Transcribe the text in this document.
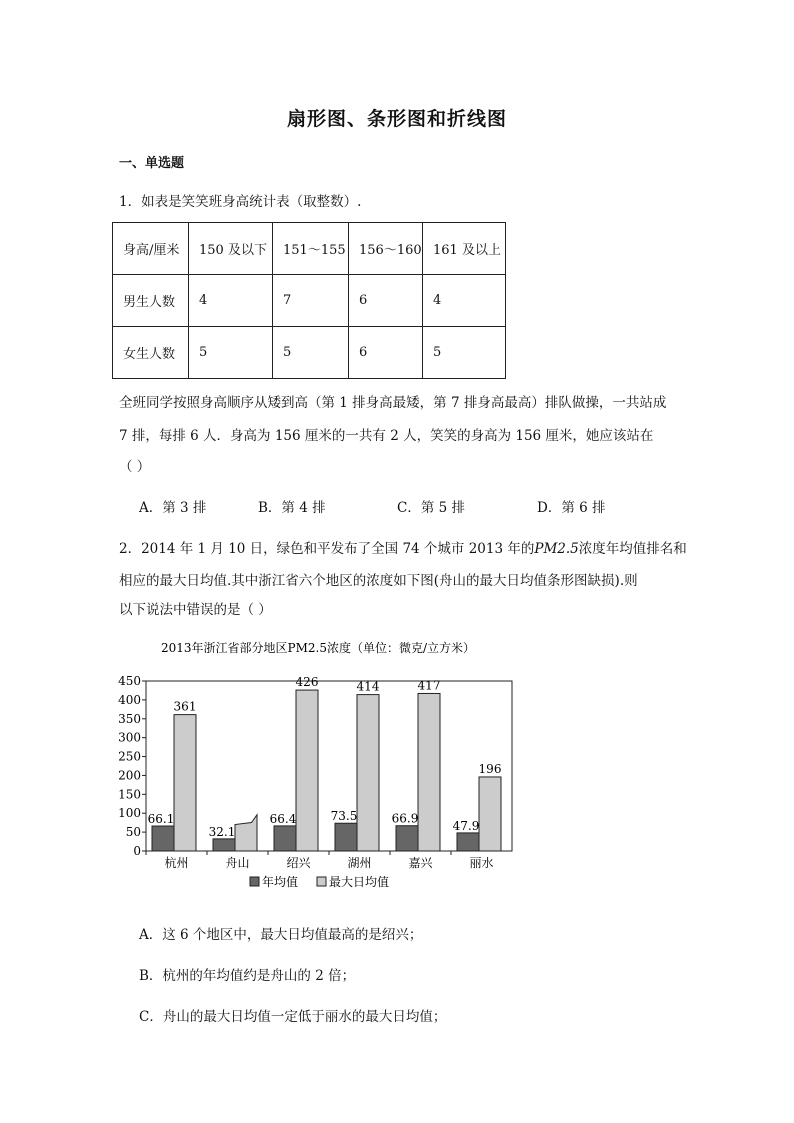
扇形图、条形图和折线图
一、单选题
1．如表是笑笑班身高统计表（取整数）.
身高/厘米	150 及以下	151～155	156～160	161 及以上
男生人数	4	7	6	4
女生人数	5	5	6	5
全班同学按照身高顺序从矮到高（第 1 排身高最矮，第 7 排身高最高）排队做操，一共站成
7 排，每排 6 人．身高为 156 厘米的一共有 2 人，笑笑的身高为 156 厘米，她应该站在
（ ）
A．第 3 排	B．第 4 排	C．第 5 排	D．第 6 排
2．2014 年 1 月 10 日，绿色和平发布了全国 74 个城市 2013 年的PM2.5浓度年均值排名和
相应的最大日均值.其中浙江省六个地区的浓度如下图(舟山的最大日均值条形图缺损).则
以下说法中错误的是（ ）
2013年浙江省部分地区PM2.5浓度（单位：微克/立方米）
0
50
100
150
200
250
300
350
400
450
66.1
361
32.1
66.4
426
73.5
414
66.9
417
47.9
196
杭州	舟山	绍兴	湖州	嘉兴	丽水
年均值	最大日均值
A．这 6 个地区中，最大日均值最高的是绍兴；
B．杭州的年均值约是舟山的 2 倍；
C．舟山的最大日均值一定低于丽水的最大日均值；
